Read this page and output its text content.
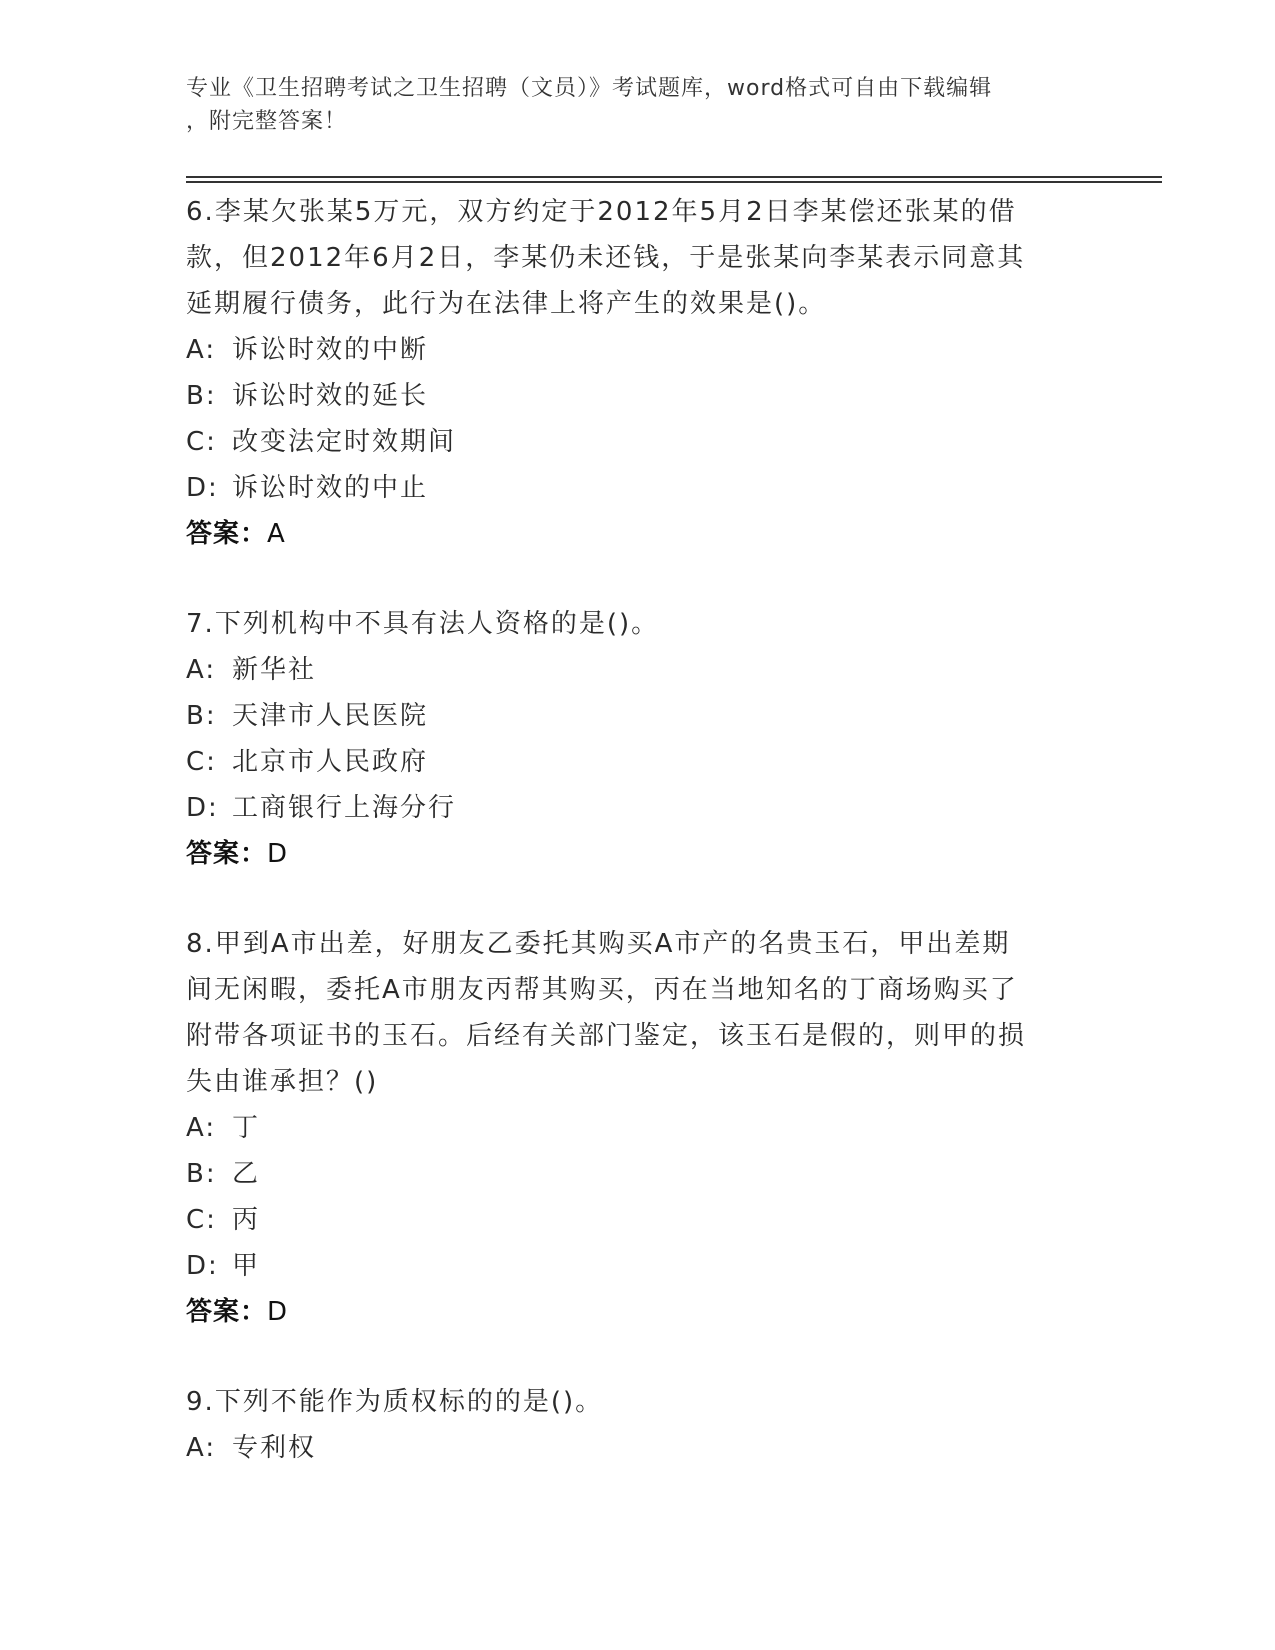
专业《卫生招聘考试之卫生招聘（文员）》考试题库，word格式可自由下载编辑
，附完整答案！
6.李某欠张某5万元，双方约定于2012年5月2日李某偿还张某的借
款，但2012年6月2日，李某仍未还钱，于是张某向李某表示同意其
延期履行债务，此行为在法律上将产生的效果是()。
A: 诉讼时效的中断
B: 诉讼时效的延长
C: 改变法定时效期间
D: 诉讼时效的中止
答案：A
7.下列机构中不具有法人资格的是()。
A: 新华社
B: 天津市人民医院
C: 北京市人民政府
D: 工商银行上海分行
答案：D
8.甲到A市出差，好朋友乙委托其购买A市产的名贵玉石，甲出差期
间无闲暇，委托A市朋友丙帮其购买，丙在当地知名的丁商场购买了
附带各项证书的玉石。后经有关部门鉴定，该玉石是假的，则甲的损
失由谁承担？()
A: 丁
B: 乙
C: 丙
D: 甲
答案：D
9.下列不能作为质权标的的是()。
A: 专利权
